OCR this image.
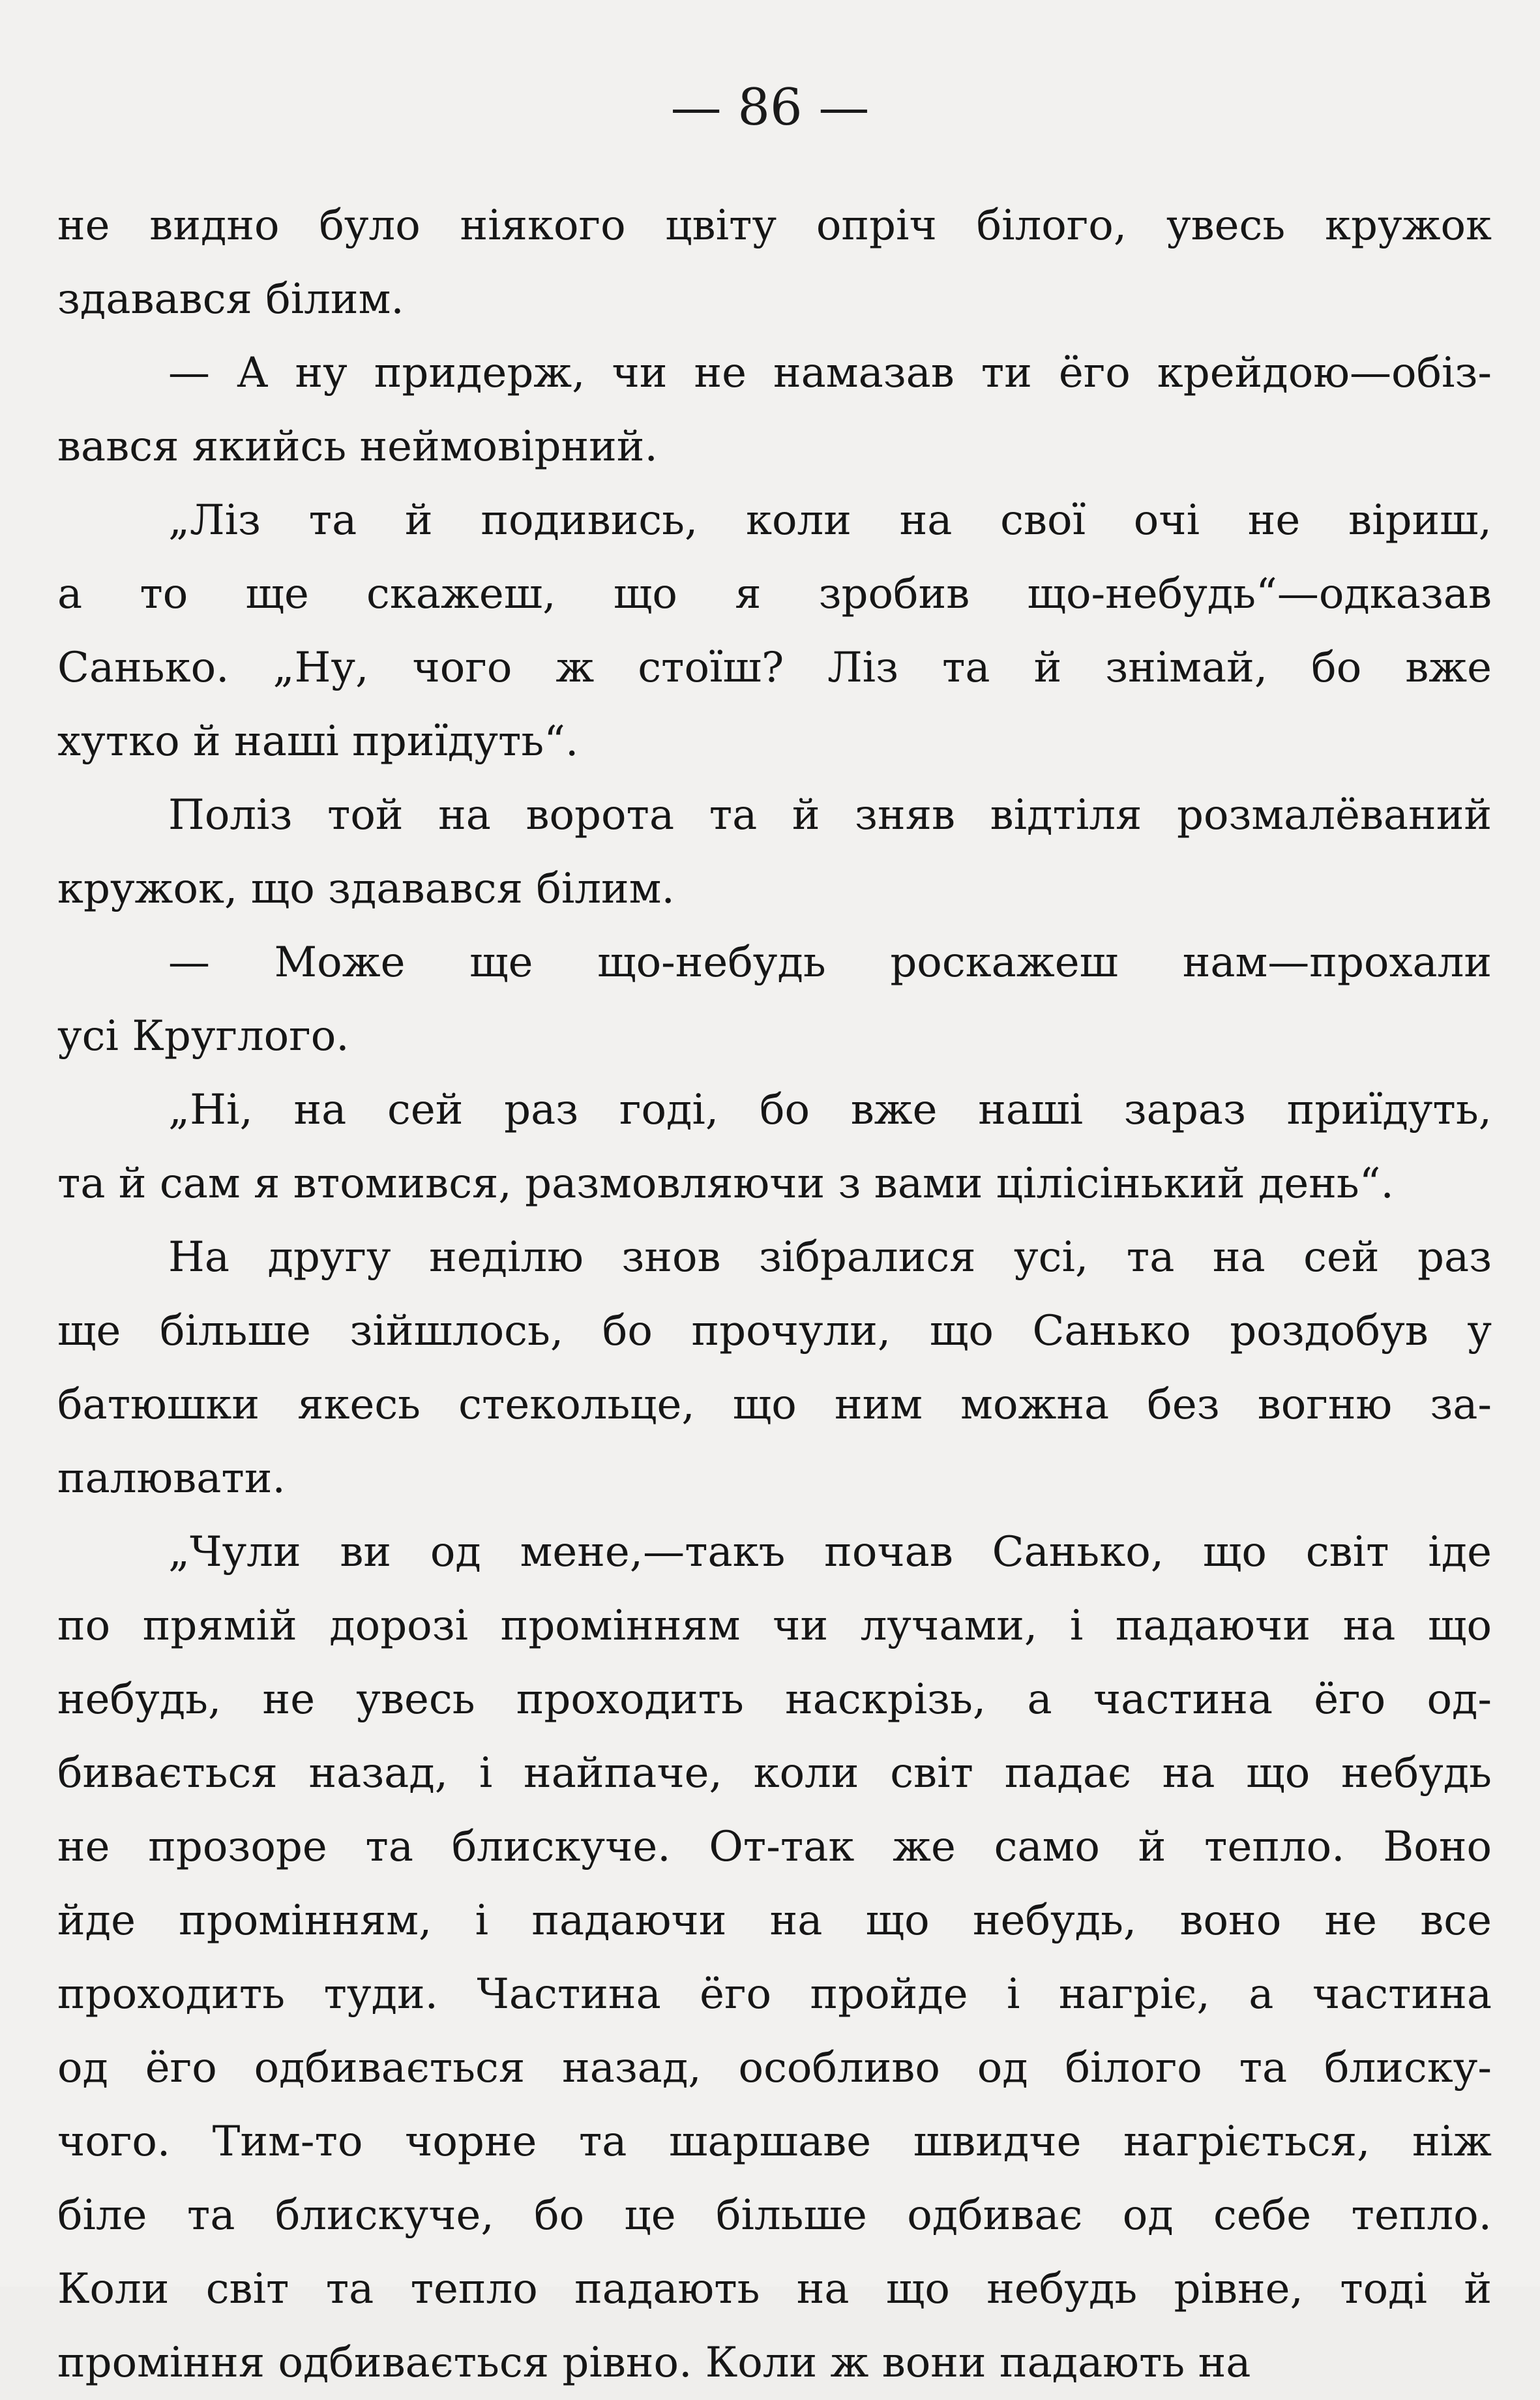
— 86 —
не видно було ніякого цвіту опріч білого, увесь кружок
здавався білим.
— А ну придерж, чи не намазав ти ёго крейдою—обіз-
вався якийсь неймовірний.
„Ліз та й подивись, коли на свої очі не віриш,
а то ще скажеш, що я зробив що-небудь“—одказав
Санько. „Ну, чого ж стоїш? Ліз та й знімай, бо вже
хутко й наші приїдуть“.
Поліз той на ворота та й зняв відтіля розмалёваний
кружок, що здавався білим.
— Може ще що-небудь роскажеш нам—прохали
усі Круглого.
„Ні, на сей раз годі, бо вже наші зараз приїдуть,
та й сам я втомився, размовляючи з вами цілісінький день“.
На другу неділю знов зібралися усі, та на сей раз
ще більше зійшлось, бо прочули, що Санько роздобув у
батюшки якесь стекольце, що ним можна без вогню за-
палювати.
„Чули ви од мене,—такъ почав Санько, що світ іде
по прямій дорозі промінням чи лучами, і падаючи на що
небудь, не увесь проходить наскрізь, а частина ёго од-
бивається назад, і найпаче, коли світ падає на що небудь
не прозоре та блискуче. От-так же само й тепло. Воно
йде промінням, і падаючи на що небудь, воно не все
проходить туди. Частина ёго пройде і нагріє, а частина
од ёго одбивається назад, особливо од білого та блиску-
чого. Тим-то чорне та шаршаве швидче нагріється, ніж
біле та блискуче, бо це більше одбиває од себе тепло.
Коли світ та тепло падають на що небудь рівне, тоді й
проміння одбивається рівно. Коли ж вони падають на
